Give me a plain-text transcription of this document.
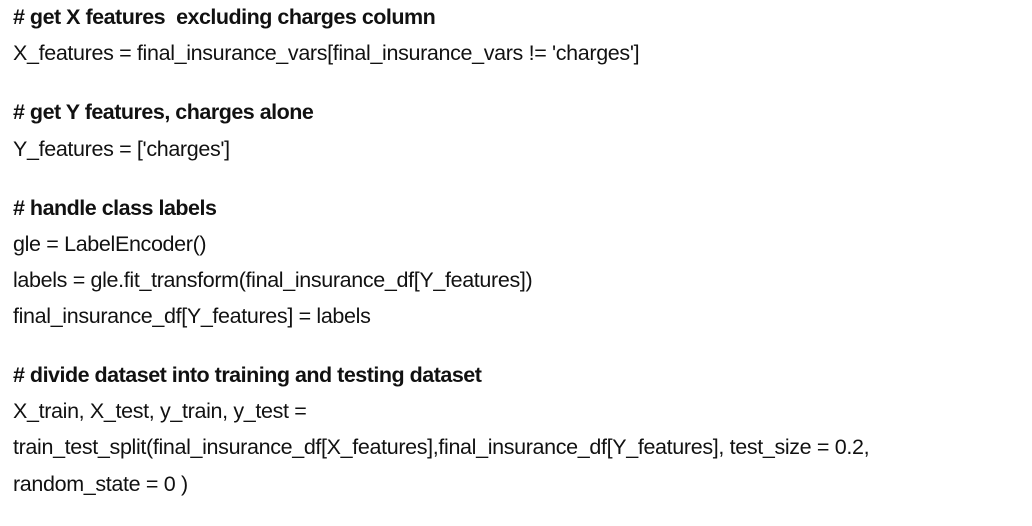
# get X features  excluding charges column
X_features = final_insurance_vars[final_insurance_vars != 'charges']
# get Y features, charges alone
Y_features = ['charges']
# handle class labels
gle = LabelEncoder()
labels = gle.fit_transform(final_insurance_df[Y_features])
final_insurance_df[Y_features] = labels
# divide dataset into training and testing dataset
X_train, X_test, y_train, y_test =
train_test_split(final_insurance_df[X_features],final_insurance_df[Y_features], test_size = 0.2,
random_state = 0 )
